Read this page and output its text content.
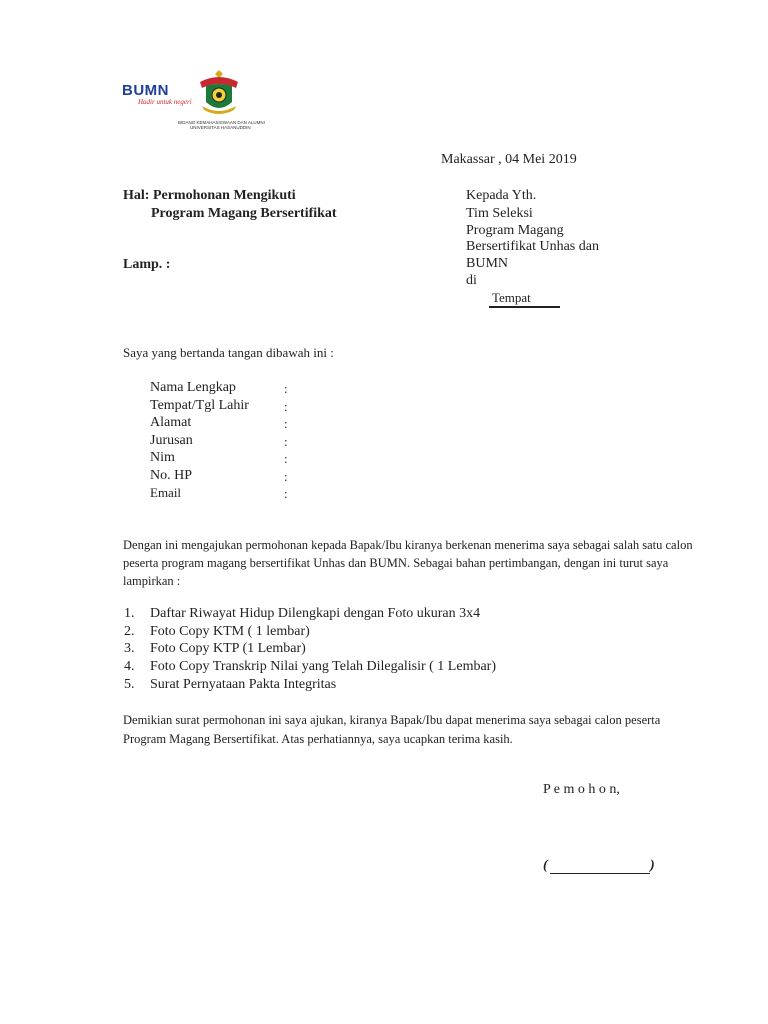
BUMN
Hadir untuk negeri
BIDANG KEMAHASISWAAN DAN ALUMNI
UNIVERSITAS HASANUDDIN
Makassar , 04 Mei 2019
Hal: Permohonan Mengikuti
Program Magang Bersertifikat
Lamp. :
Kepada Yth.
Tim Seleksi
Program Magang
Bersertifikat Unhas dan
BUMN
di
Tempat
Saya yang bertanda tangan dibawah ini :
Nama Lengkap	:
Tempat/Tgl Lahir	:
Alamat	:
Jurusan	:
Nim	:
No. HP	:
Email	:
Dengan ini mengajukan permohonan kepada Bapak/Ibu kiranya berkenan menerima saya sebagai salah satu calon peserta program magang bersertifikat Unhas dan BUMN. Sebagai bahan pertimbangan, dengan ini turut saya lampirkan :
1. Daftar Riwayat Hidup Dilengkapi dengan Foto ukuran 3x4
2. Foto Copy KTM ( 1 lembar)
3. Foto Copy KTP (1 Lembar)
4. Foto Copy Transkrip Nilai yang Telah Dilegalisir ( 1 Lembar)
5. Surat Pernyataan Pakta Integritas
Demikian surat permohonan ini saya ajukan, kiranya Bapak/Ibu dapat menerima saya sebagai calon peserta Program Magang Bersertifikat. Atas perhatiannya, saya ucapkan terima kasih.
P e m o h o n,
(	)
